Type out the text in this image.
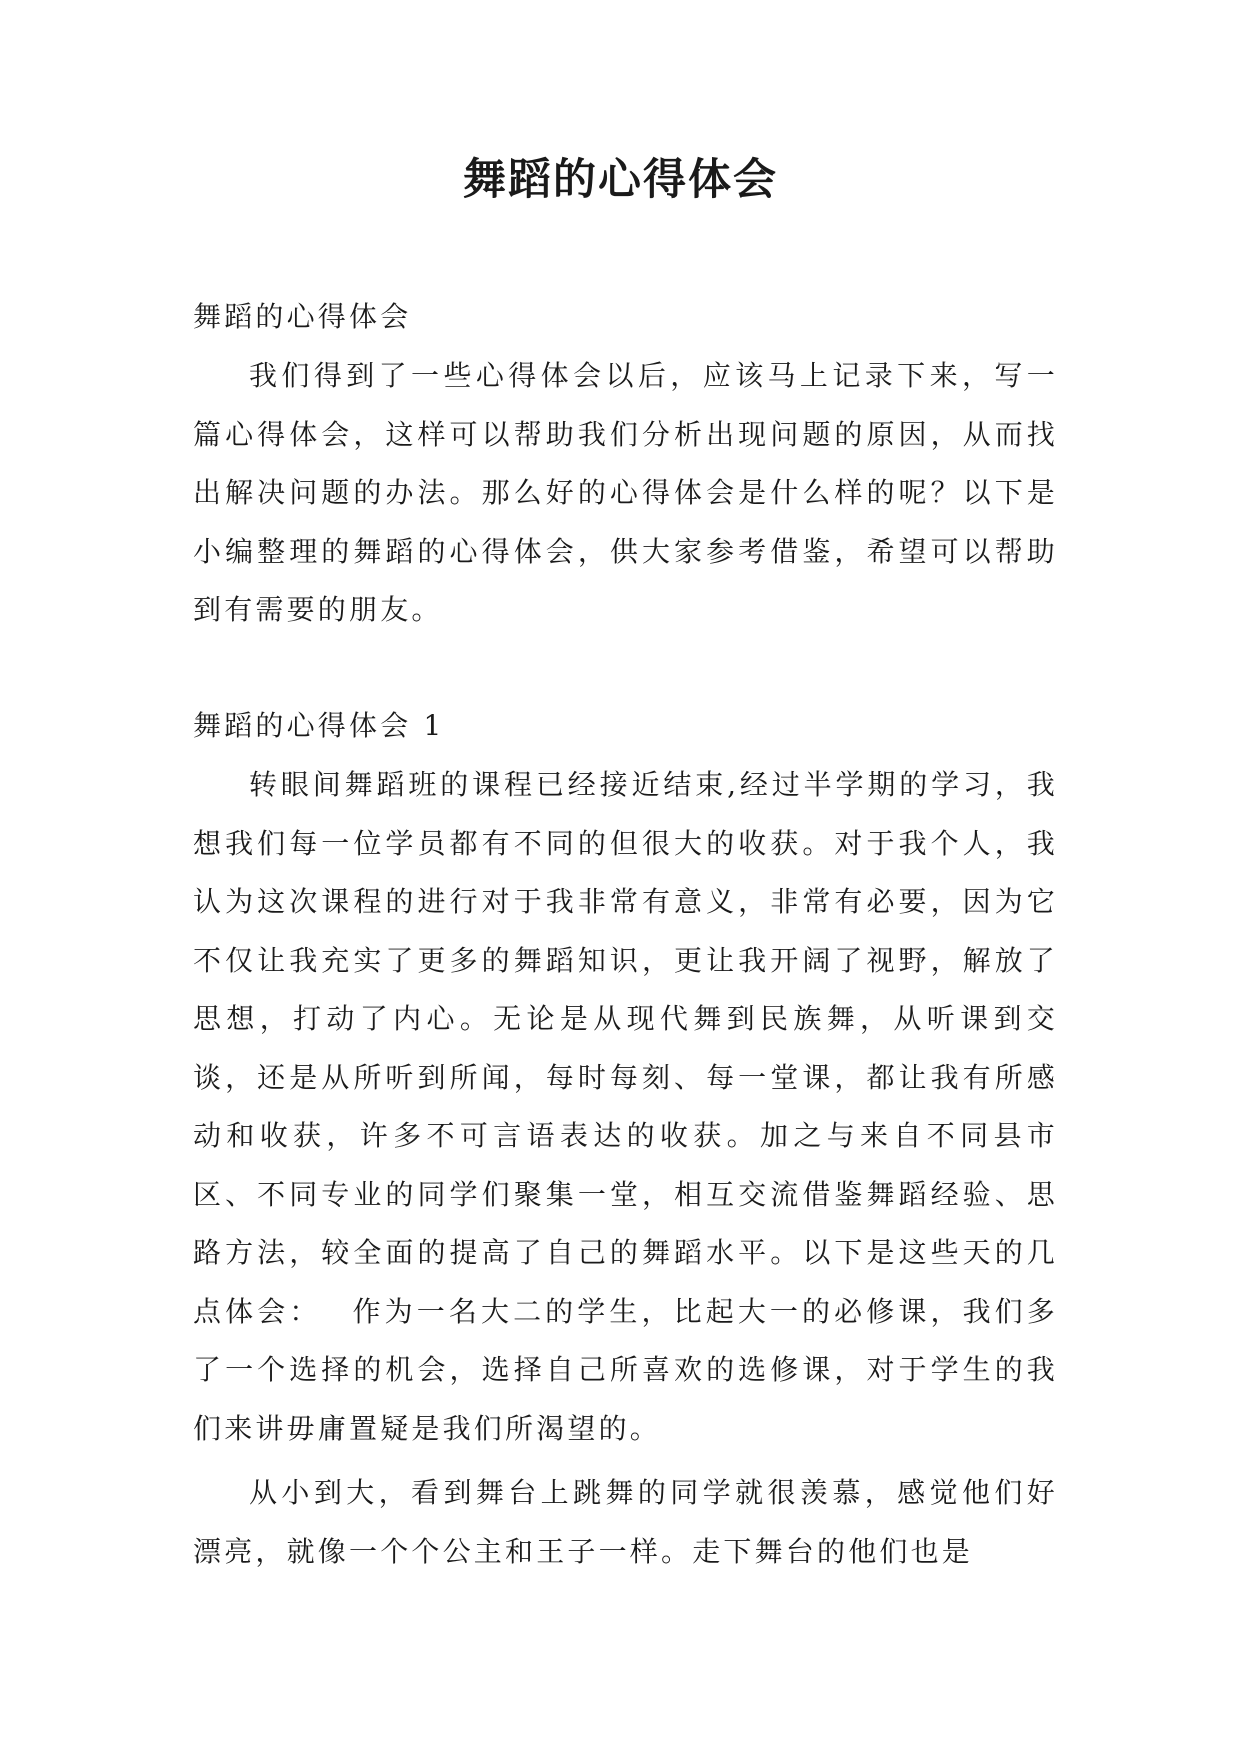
舞蹈的心得体会

舞蹈的心得体会

我们得到了一些心得体会以后，应该马上记录下来，写一篇心得体会，这样可以帮助我们分析出现问题的原因，从而找出解决问题的办法。那么好的心得体会是什么样的呢？以下是小编整理的舞蹈的心得体会，供大家参考借鉴，希望可以帮助到有需要的朋友。

舞蹈的心得体会 1

转眼间舞蹈班的课程已经接近结束,经过半学期的学习，我想我们每一位学员都有不同的但很大的收获。对于我个人，我认为这次课程的进行对于我非常有意义，非常有必要，因为它不仅让我充实了更多的舞蹈知识，更让我开阔了视野，解放了思想，打动了内心。无论是从现代舞到民族舞，从听课到交谈，还是从所听到所闻，每时每刻、每一堂课，都让我有所感动和收获，许多不可言语表达的收获。加之与来自不同县市区、不同专业的同学们聚集一堂，相互交流借鉴舞蹈经验、思路方法，较全面的提高了自己的舞蹈水平。以下是这些天的几点体会：　 作为一名大二的学生，比起大一的必修课，我们多了一个选择的机会，选择自己所喜欢的选修课，对于学生的我们来讲毋庸置疑是我们所渴望的。

从小到大，看到舞台上跳舞的同学就很羡慕，感觉他们好漂亮，就像一个个公主和王子一样。走下舞台的他们也是
